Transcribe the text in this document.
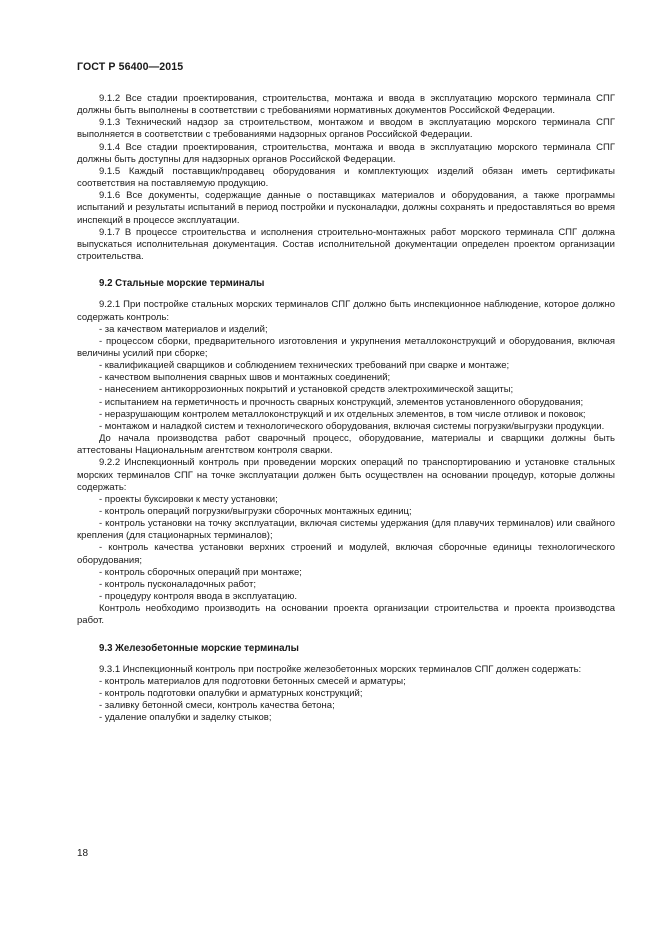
ГОСТ Р 56400—2015

9.1.2 Все стадии проектирования, строительства, монтажа и ввода в эксплуатацию морского терминала СПГ должны быть выполнены в соответствии с требованиями нормативных документов Российской Федерации.

9.1.3 Технический надзор за строительством, монтажом и вводом в эксплуатацию морского терминала СПГ выполняется в соответствии с требованиями надзорных органов Российской Федерации.

9.1.4 Все стадии проектирования, строительства, монтажа и ввода в эксплуатацию морского терминала СПГ должны быть доступны для надзорных органов Российской Федерации.

9.1.5 Каждый поставщик/продавец оборудования и комплектующих изделий обязан иметь сертификаты соответствия на поставляемую продукцию.

9.1.6 Все документы, содержащие данные о поставщиках материалов и оборудования, а также программы испытаний и результаты испытаний в период постройки и пусконаладки, должны сохранять и предоставляться во время инспекций в процессе эксплуатации.

9.1.7 В процессе строительства и исполнения строительно-монтажных работ морского терминала СПГ должна выпускаться исполнительная документация. Состав исполнительной документации определен проектом организации строительства.

9.2 Стальные морские терминалы

9.2.1 При постройке стальных морских терминалов СПГ должно быть инспекционное наблюдение, которое должно содержать контроль:

- за качеством материалов и изделий;

- процессом сборки, предварительного изготовления и укрупнения металлоконструкций и оборудования, включая величины усилий при сборке;

- квалификацией сварщиков и соблюдением технических требований при сварке и монтаже;

- качеством выполнения сварных швов и монтажных соединений;

- нанесением антикоррозионных покрытий и установкой средств электрохимической защиты;

- испытанием на герметичность и прочность сварных конструкций, элементов установленного оборудования;

- неразрушающим контролем металлоконструкций и их отдельных элементов, в том числе отливок и поковок;

- монтажом и наладкой систем и технологического оборудования, включая системы погрузки/выгрузки продукции.

До начала производства работ сварочный процесс, оборудование, материалы и сварщики должны быть аттестованы Национальным агентством контроля сварки.

9.2.2 Инспекционный контроль при проведении морских операций по транспортированию и установке стальных морских терминалов СПГ на точке эксплуатации должен быть осуществлен на основании процедур, которые должны содержать:

- проекты буксировки к месту установки;

- контроль операций погрузки/выгрузки сборочных монтажных единиц;

- контроль установки на точку эксплуатации, включая системы удержания (для плавучих терминалов) или свайного крепления (для стационарных терминалов);

- контроль качества установки верхних строений и модулей, включая сборочные единицы технологического оборудования;

- контроль сборочных операций при монтаже;

- контроль пусконаладочных работ;

- процедуру контроля ввода в эксплуатацию.

Контроль необходимо производить на основании проекта организации строительства и проекта производства работ.

9.3 Железобетонные морские терминалы

9.3.1 Инспекционный контроль при постройке железобетонных морских терминалов СПГ должен содержать:

- контроль материалов для подготовки бетонных смесей и арматуры;

- контроль подготовки опалубки и арматурных конструкций;

- заливку бетонной смеси, контроль качества бетона;

- удаление опалубки и заделку стыков;

18
